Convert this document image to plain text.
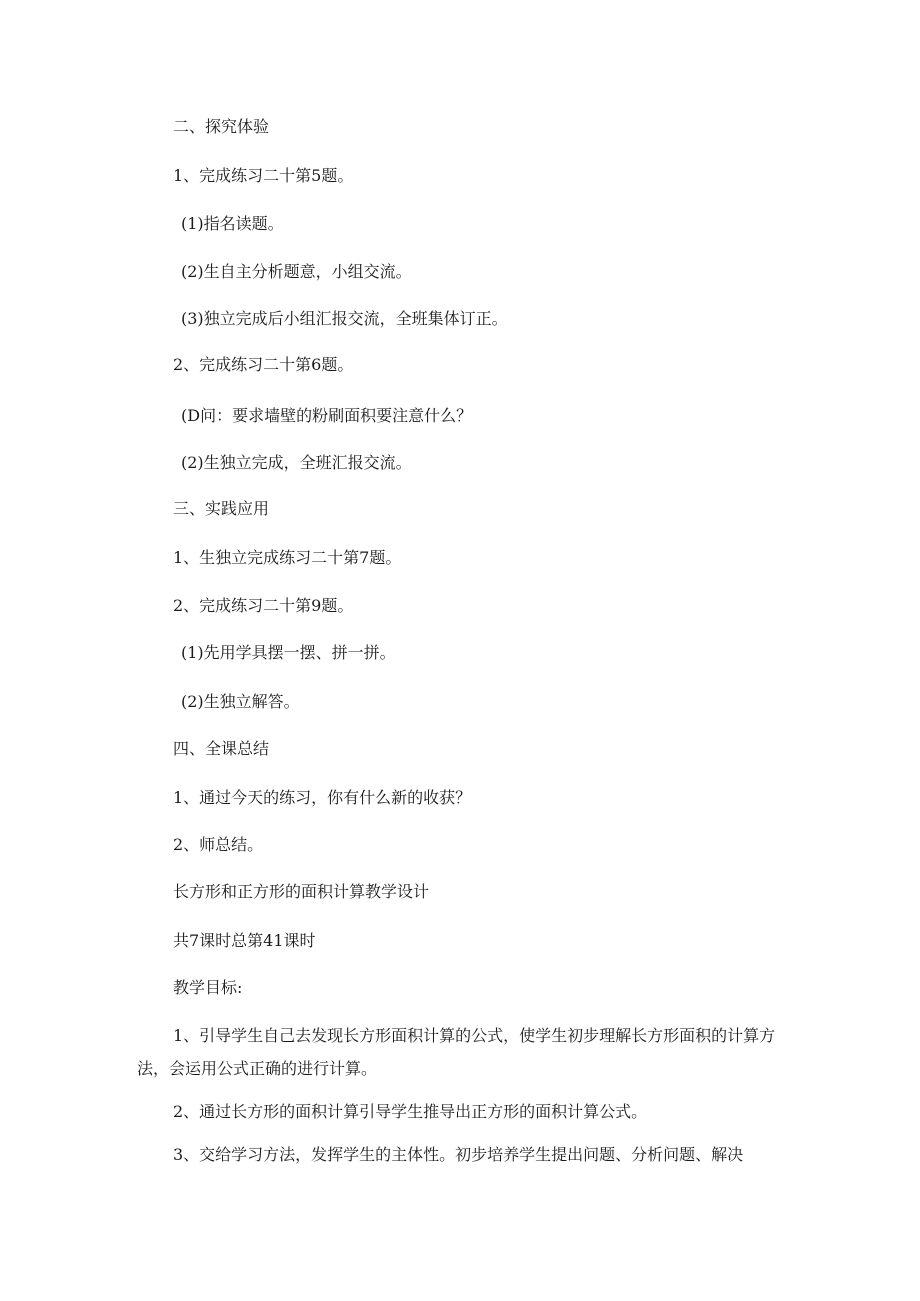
二、探究体验
1、完成练习二十第5题。
(1)指名读题。
(2)生自主分析题意，小组交流。
(3)独立完成后小组汇报交流，全班集体订正。
2、完成练习二十第6题。
(D问：要求墙壁的粉刷面积要注意什么？
(2)生独立完成，全班汇报交流。
三、实践应用
1、生独立完成练习二十第7题。
2、完成练习二十第9题。
(1)先用学具摆一摆、拼一拼。
(2)生独立解答。
四、全课总结
1、通过今天的练习，你有什么新的收获？
2、师总结。
长方形和正方形的面积计算教学设计
共7课时总第41课时
教学目标:
1、引导学生自己去发现长方形面积计算的公式，使学生初步理解长方形面积的计算方法，会运用公式正确的进行计算。
2、通过长方形的面积计算引导学生推导出正方形的面积计算公式。
3、交给学习方法，发挥学生的主体性。初步培养学生提出问题、分析问题、解决
